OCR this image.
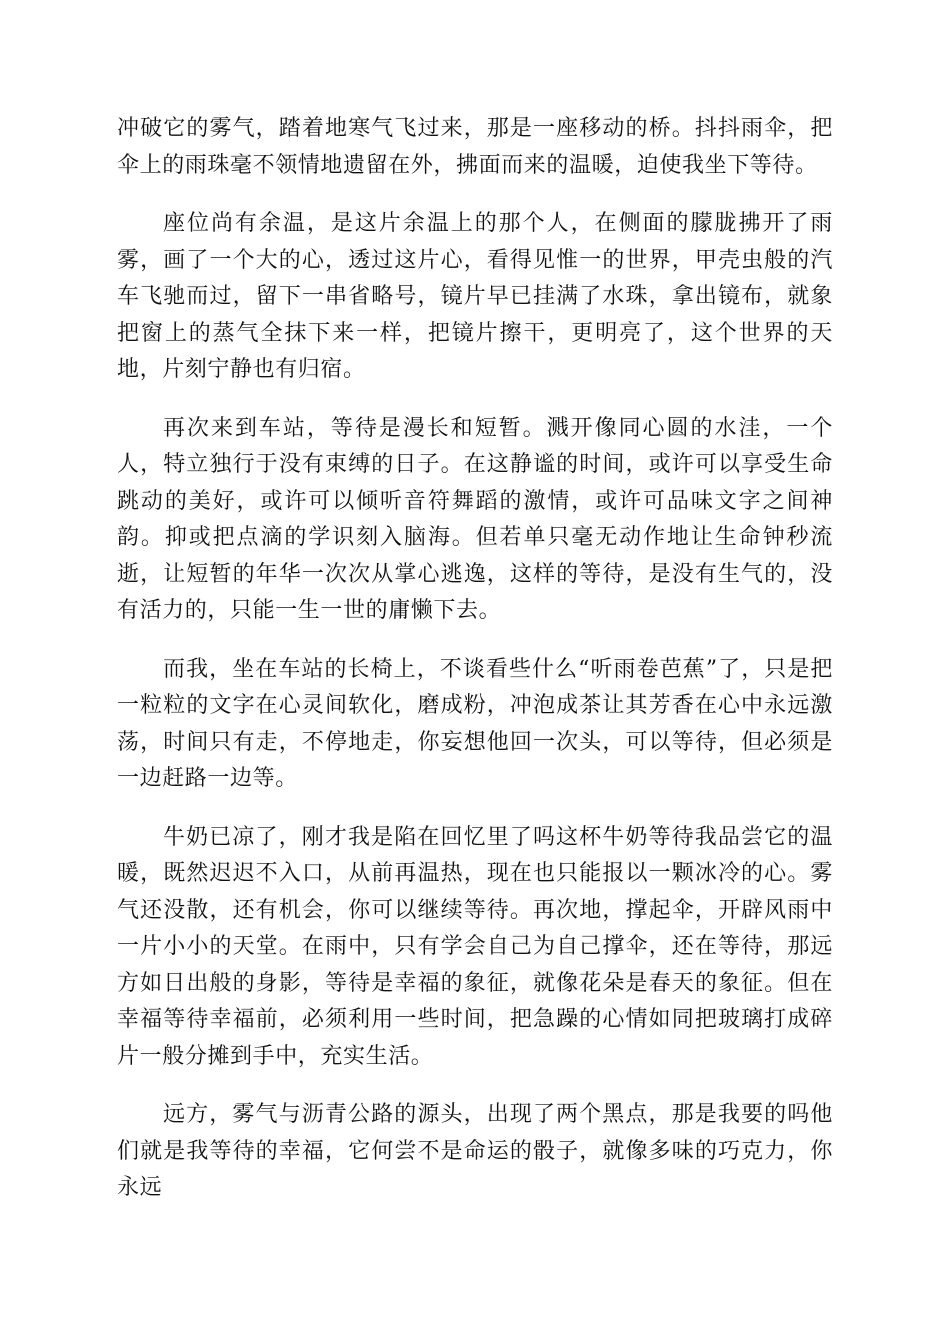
冲破它的雾气，踏着地寒气飞过来，那是一座移动的桥。抖抖雨伞，把伞上的雨珠毫不领情地遗留在外，拂面而来的温暖，迫使我坐下等待。

座位尚有余温，是这片余温上的那个人，在侧面的朦胧拂开了雨雾，画了一个大的心，透过这片心，看得见惟一的世界，甲壳虫般的汽车飞驰而过，留下一串省略号，镜片早已挂满了水珠，拿出镜布，就象把窗上的蒸气全抹下来一样，把镜片擦干，更明亮了，这个世界的天地，片刻宁静也有归宿。

再次来到车站，等待是漫长和短暂。溅开像同心圆的水洼，一个人，特立独行于没有束缚的日子。在这静谧的时间，或许可以享受生命跳动的美好，或许可以倾听音符舞蹈的激情，或许可品味文字之间神韵。抑或把点滴的学识刻入脑海。但若单只毫无动作地让生命钟秒流逝，让短暂的年华一次次从掌心逃逸，这样的等待，是没有生气的，没有活力的，只能一生一世的庸懒下去。

而我，坐在车站的长椅上，不谈看些什么“听雨卷芭蕉”了，只是把一粒粒的文字在心灵间软化，磨成粉，冲泡成茶让其芳香在心中永远激荡，时间只有走，不停地走，你妄想他回一次头，可以等待，但必须是一边赶路一边等。

牛奶已凉了，刚才我是陷在回忆里了吗这杯牛奶等待我品尝它的温暖，既然迟迟不入口，从前再温热，现在也只能报以一颗冰冷的心。雾气还没散，还有机会，你可以继续等待。再次地，撑起伞，开辟风雨中一片小小的天堂。在雨中，只有学会自己为自己撑伞，还在等待，那远方如日出般的身影，等待是幸福的象征，就像花朵是春天的象征。但在幸福等待幸福前，必须利用一些时间，把急躁的心情如同把玻璃打成碎片一般分摊到手中，充实生活。

远方，雾气与沥青公路的源头，出现了两个黑点，那是我要的吗他们就是我等待的幸福，它何尝不是命运的骰子，就像多味的巧克力，你永远
